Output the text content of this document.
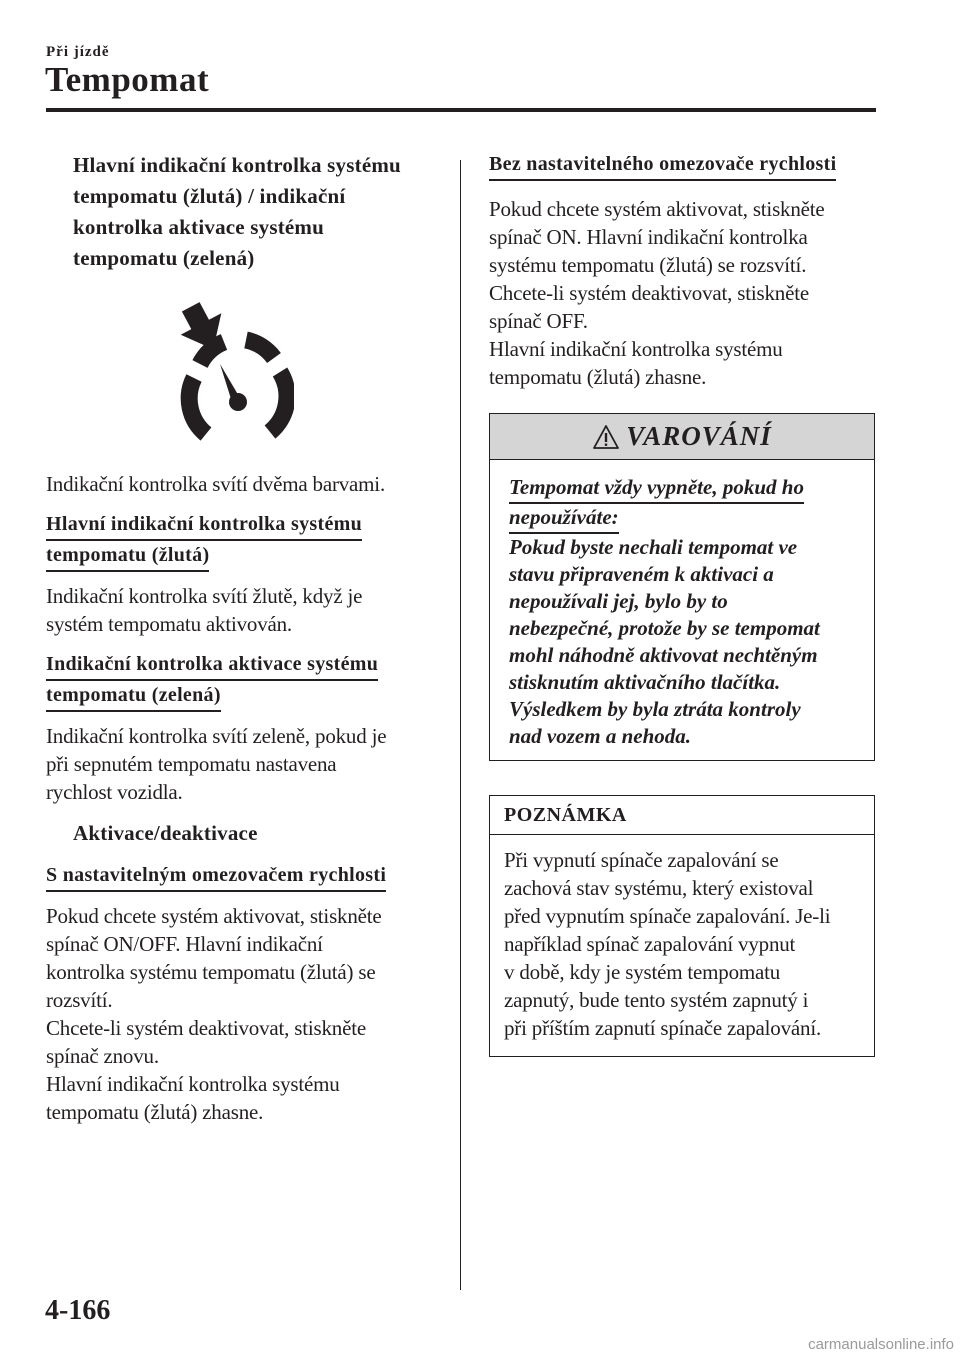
Při jízdě
Tempomat
Hlavní indikační kontrolka systému
tempomatu (žlutá) / indikační
kontrolka aktivace systému
tempomatu (zelená)
Indikační kontrolka svítí dvěma barvami.
Hlavní indikační kontrolka systému
tempomatu (žlutá)
Indikační kontrolka svítí žlutě, když je
systém tempomatu aktivován.
Indikační kontrolka aktivace systému
tempomatu (zelená)
Indikační kontrolka svítí zeleně, pokud je
při sepnutém tempomatu nastavena
rychlost vozidla.
Aktivace/deaktivace
S nastavitelným omezovačem rychlosti
Pokud chcete systém aktivovat, stiskněte
spínač ON/OFF. Hlavní indikační
kontrolka systému tempomatu (žlutá) se
rozsvítí.
Chcete-li systém deaktivovat, stiskněte
spínač znovu.
Hlavní indikační kontrolka systému
tempomatu (žlutá) zhasne.
Bez nastavitelného omezovače rychlosti
Pokud chcete systém aktivovat, stiskněte
spínač ON. Hlavní indikační kontrolka
systému tempomatu (žlutá) se rozsvítí.
Chcete-li systém deaktivovat, stiskněte
spínač OFF.
Hlavní indikační kontrolka systému
tempomatu (žlutá) zhasne.
VAROVÁNÍ
Tempomat vždy vypněte, pokud ho
nepoužíváte:
Pokud byste nechali tempomat ve
stavu připraveném k aktivaci a
nepoužívali jej, bylo by to
nebezpečné, protože by se tempomat
mohl náhodně aktivovat nechtěným
stisknutím aktivačního tlačítka.
Výsledkem by byla ztráta kontroly
nad vozem a nehoda.
POZNÁMKA
Při vypnutí spínače zapalování se
zachová stav systému, který existoval
před vypnutím spínače zapalování. Je-li
například spínač zapalování vypnut
v době, kdy je systém tempomatu
zapnutý, bude tento systém zapnutý i
při příštím zapnutí spínače zapalování.
4-166
carmanualsonline.info
